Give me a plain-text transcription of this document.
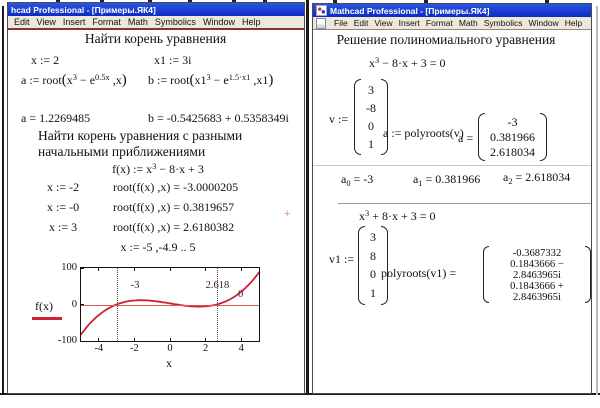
hcad Professional - [Примеры.ЯК4]
Edit View Insert Format Math Symbolics Window Help
Найти корень уравнения
x := 2	x1 := 3i
a := $root(x^3 - e^{0.5x}$ ,x) b := $root(x1^3 - e^{1.5\cdot x1}$ ,x1)
a = 1.2269485	b = -0.5425683 + 0.5358349i
Найти корень уравнения с разными
начальными приближениями
f(x) := $x^3 - 8\cdot x + 3$
x := -2	root(f(x) ,x) = -3.0000205
x := -0	root(f(x) ,x) = 0.3819657
x := 3	root(f(x) ,x) = 2.6180382
x := -5 ,-4.9 .. 5
f(x)
x
-4	-2	0	2	4
100
0
-100
-3	2.618
0
+
Mathcad Professional - [Примеры.ЯК4]
File Edit View Insert Format Math Symbolics Window Help
Решение полиномиального уравнения
$x^3 - 8\cdot x + 3 = 0$
v :=
3
-8
0
1
a := polyroots(v)
a =
-3
0.381966
2.618034
$a_0 = -3$	$a_1 = 0.381966$ $a_2 = 2.618034$
$x^3 + 8\cdot x + 3 = 0$
v1 :=
3
8
0
1
polyroots(v1) =
-0.3687332
0.1843666 − 2.8463965i
0.1843666 + 2.8463965i
